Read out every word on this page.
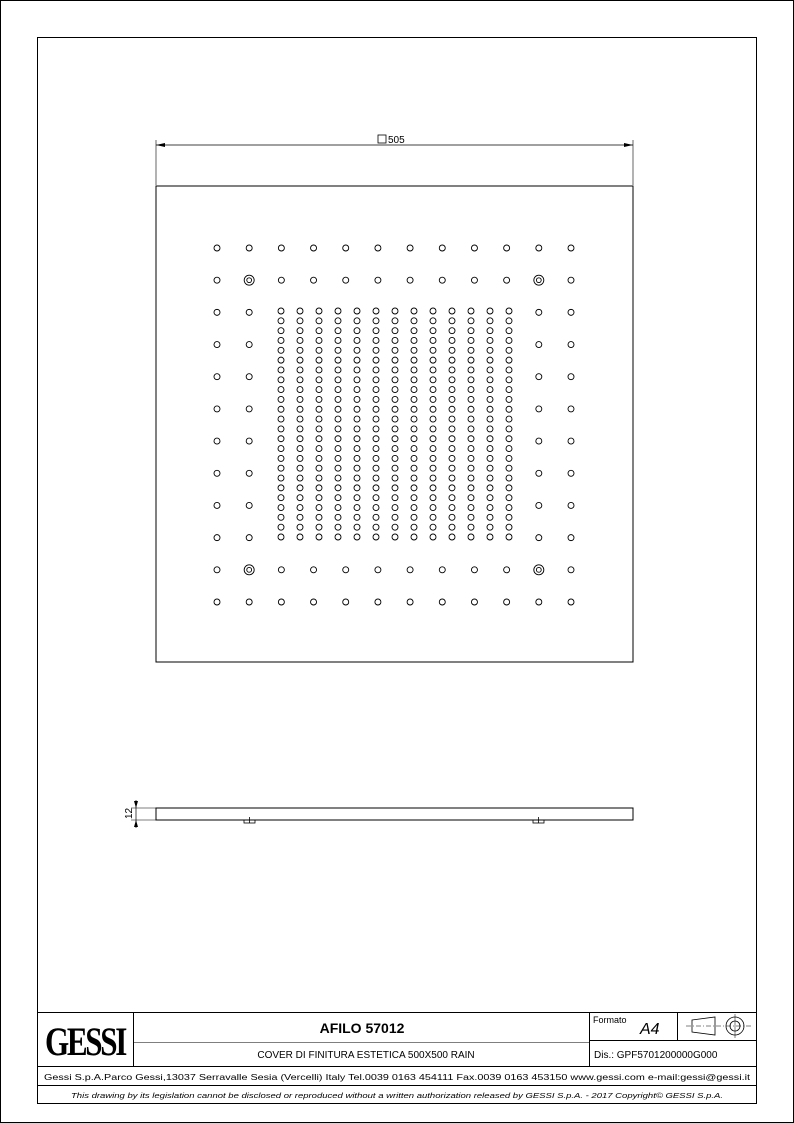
505
12
GESSI	AFILO 57012
COVER DI FINITURA ESTETICA 500X500 RAIN
Formato
A4
Dis.: GPF5701200000G000
Gessi S.p.A.Parco Gessi,13037 Serravalle Sesia (Vercelli) Italy Tel.0039 0163 454111 Fax.0039 0163 453150 www.gessi.com e-mail:gessi@gessi.it
This drawing by its legislation cannot be disclosed or reproduced without a written authorization released by GESSI S.p.A. - 2017 Copyright© GESSI S.p.A.
